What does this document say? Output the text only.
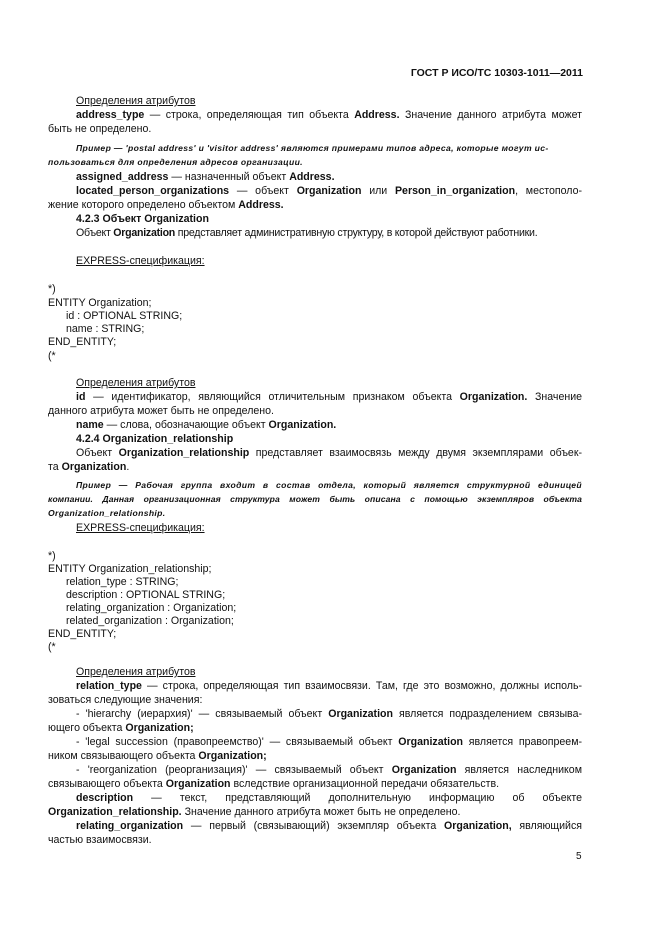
ГОСТ Р ИСО/ТС 10303-1011—2011
Определения атрибутов
address_type — строка, определяющая тип объекта Address. Значение данного атрибута может
быть не определено.
Пример — 'postal address' и 'visitor address' являются примерами типов адреса, которые могут ис-
пользоваться для определения адресов организации.
assigned_address — назначенный объект Address.
located_person_organizations — объект Organization или Person_in_organization, местополо-
жение которого определено объектом Address.
4.2.3 Объект Organization
Объект Organization представляет административную структуру, в которой действуют работники.
EXPRESS-спецификация:
*)
ENTITY Organization;
id : OPTIONAL STRING;
name : STRING;
END_ENTITY;
(*
Определения атрибутов
id — идентификатор, являющийся отличительным признаком объекта Organization. Значение
данного атрибута может быть не определено.
name — слова, обозначающие объект Organization.
4.2.4 Organization_relationship
Объект Organization_relationship представляет взаимосвязь между двумя экземплярами объек-
та Organization.
Пример — Рабочая группа входит в состав отдела, который является структурной единицей
компании. Данная организационная структура может быть описана с помощью экземпляров объекта
Organization_relationship.
EXPRESS-спецификация:
*)
ENTITY Organization_relationship;
relation_type : STRING;
description : OPTIONAL STRING;
relating_organization : Organization;
related_organization : Organization;
END_ENTITY;
(*
Определения атрибутов
relation_type — строка, определяющая тип взаимосвязи. Там, где это возможно, должны исполь-
зоваться следующие значения:
- 'hierarchy (иерархия)' — связываемый объект Organization является подразделением связыва-
ющего объекта Organization;
- 'legal succession (правопреемство)' — связываемый объект Organization является правопреем-
ником связывающего объекта Organization;
- 'reorganization (реорганизация)' — связываемый объект Organization является наследником
связывающего объекта Organization вследствие организационной передачи обязательств.
description — текст, представляющий дополнительную информацию об объекте
Organization_relationship. Значение данного атрибута может быть не определено.
relating_organization — первый (связывающий) экземпляр объекта Organization, являющийся
частью взаимосвязи.
5
